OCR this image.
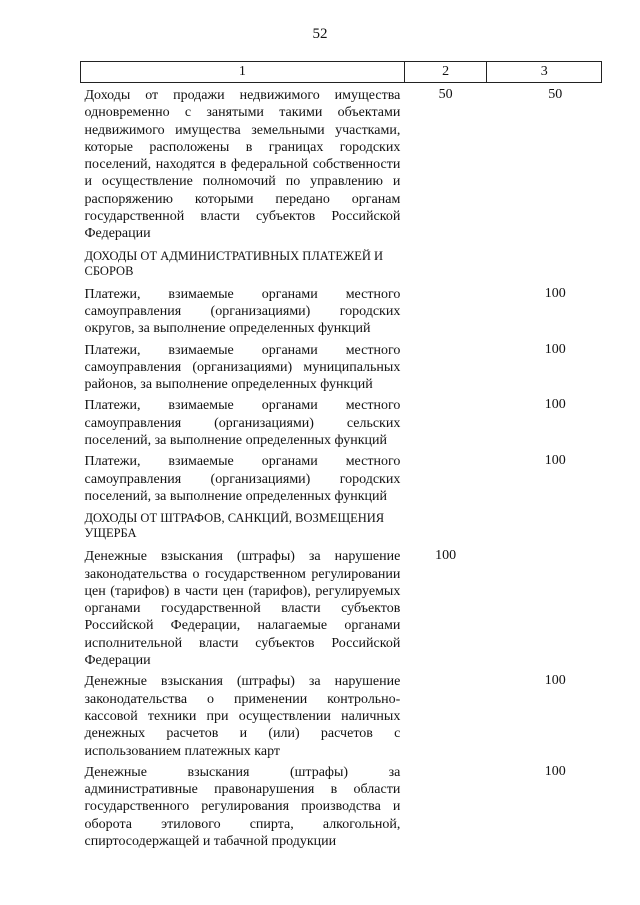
52
1	2	3
Доходы от продажи недвижимого имущества одновременно с занятыми такими объектами недвижимого имущества земельными участками, которые расположены в границах городских поселений, находятся в федеральной собственности и осуществление полномочий по управлению и распоряжению которыми передано органам государственной власти субъектов Российской Федерации	50	50
ДОХОДЫ ОТ АДМИНИСТРАТИВНЫХ ПЛАТЕЖЕЙ И СБОРОВ		
Платежи, взимаемые органами местного самоуправления (организациями) городских округов, за выполнение определенных функций		100
Платежи, взимаемые органами местного самоуправления (организациями) муниципальных районов, за выполнение определенных функций		100
Платежи, взимаемые органами местного самоуправления (организациями) сельских поселений, за выполнение определенных функций		100
Платежи, взимаемые органами местного самоуправления (организациями) городских поселений, за выполнение определенных функций		100
ДОХОДЫ ОТ ШТРАФОВ, САНКЦИЙ, ВОЗМЕЩЕНИЯ УЩЕРБА		
Денежные взыскания (штрафы) за нарушение законодательства о государственном регулировании цен (тарифов) в части цен (тарифов), регулируемых органами государственной власти субъектов Российской Федерации, налагаемые органами исполнительной власти субъектов Российской Федерации	100	
Денежные взыскания (штрафы) за нарушение законодательства о применении контрольно-кассовой техники при осуществлении наличных денежных расчетов и (или) расчетов с использованием платежных карт		100
Денежные взыскания (штрафы) за административные правонарушения в области государственного регулирования производства и оборота этилового спирта, алкогольной, спиртосодержащей и табачной продукции		100
